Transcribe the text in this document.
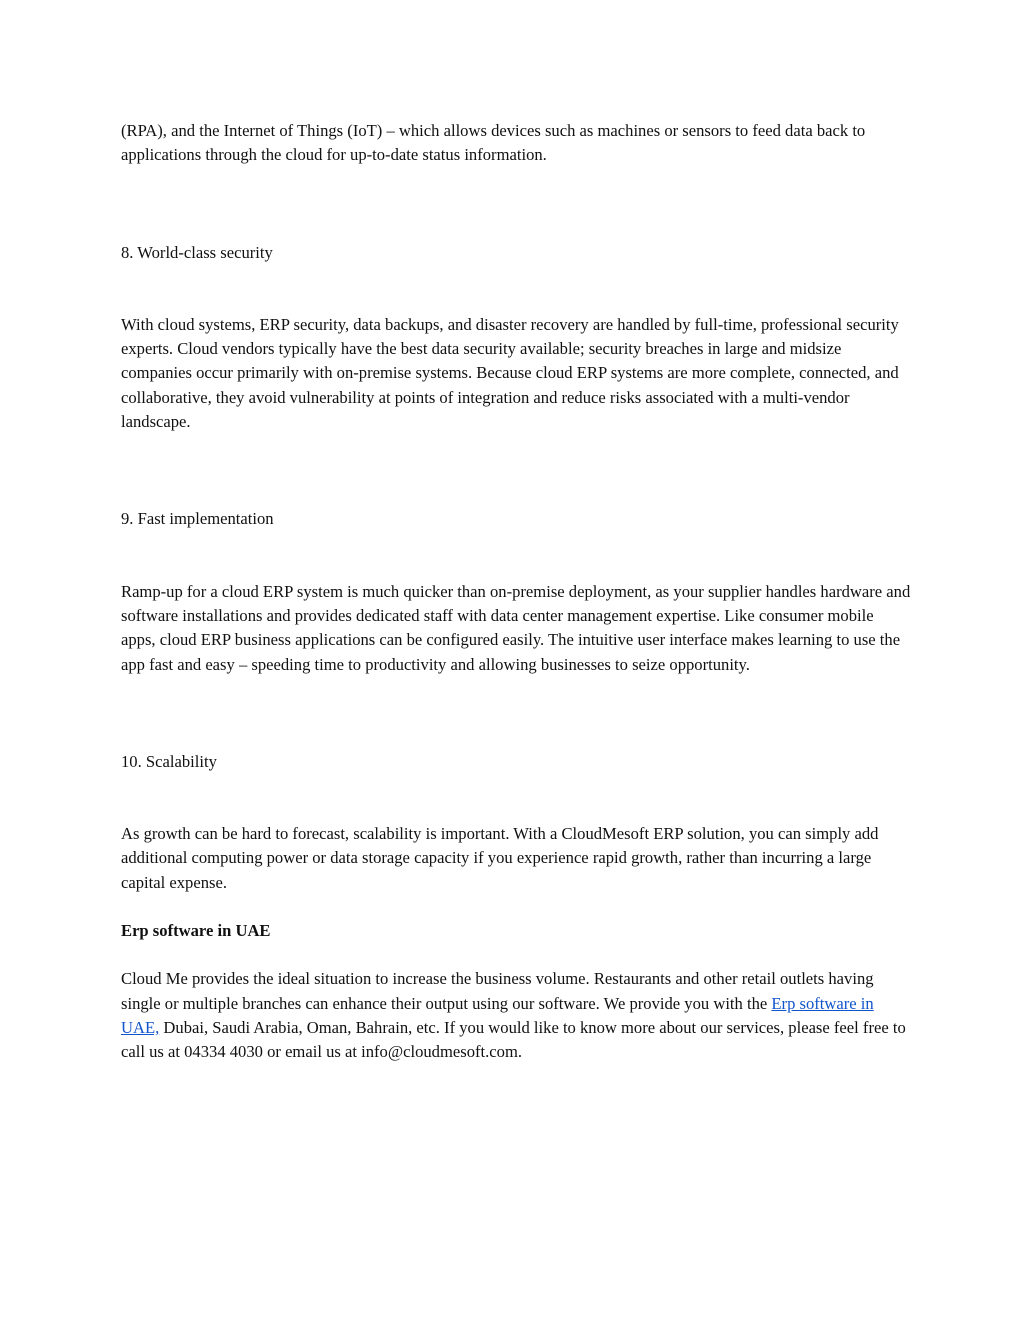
(RPA), and the Internet of Things (IoT) – which allows devices such as machines or sensors to feed data back to applications through the cloud for up-to-date status information.

8. World-class security

With cloud systems, ERP security, data backups, and disaster recovery are handled by full-time, professional security experts. Cloud vendors typically have the best data security available; security breaches in large and midsize companies occur primarily with on-premise systems. Because cloud ERP systems are more complete, connected, and collaborative, they avoid vulnerability at points of integration and reduce risks associated with a multi-vendor landscape.

9. Fast implementation

Ramp-up for a cloud ERP system is much quicker than on-premise deployment, as your supplier handles hardware and software installations and provides dedicated staff with data center management expertise. Like consumer mobile apps, cloud ERP business applications can be configured easily. The intuitive user interface makes learning to use the app fast and easy – speeding time to productivity and allowing businesses to seize opportunity.

10. Scalability

As growth can be hard to forecast, scalability is important. With a CloudMesoft ERP solution, you can simply add additional computing power or data storage capacity if you experience rapid growth, rather than incurring a large capital expense.

Erp software in UAE

Cloud Me provides the ideal situation to increase the business volume. Restaurants and other retail outlets having single or multiple branches can enhance their output using our software. We provide you with the Erp software in UAE, Dubai, Saudi Arabia, Oman, Bahrain, etc. If you would like to know more about our services, please feel free to call us at 04334 4030 or email us at info@cloudmesoft.com.
